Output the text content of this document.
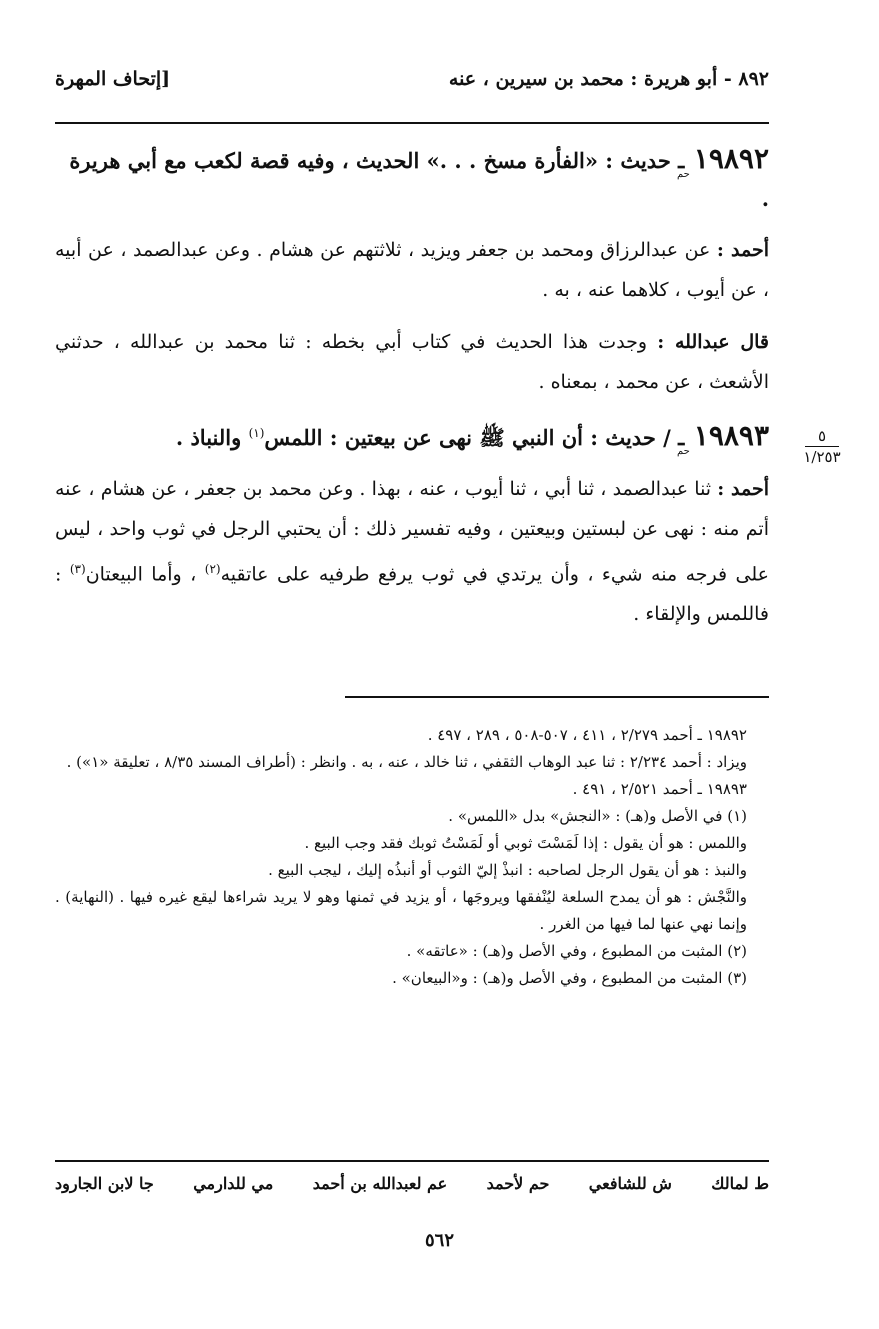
٨٩٢ - أبو هريرة : محمد بن سيرين ، عنه
[إتحاف المهرة
٥
١/٢٥٣

١٩٨٩٢حم ـ حديث : «الفأرة مسخ . . .» الحديث ، وفيه قصة لكعب مع أبي هريرة .

أحمد : عن عبدالرزاق ومحمد بن جعفر ويزيد ، ثلاثتهم عن هشام . وعن عبدالصمد ، عن أبيه ، عن أيوب ، كلاهما عنه ، به .

قال عبدالله : وجدت هذا الحديث في كتاب أبي بخطه : ثنا محمد بن عبدالله ، حدثني الأشعث ، عن محمد ، بمعناه .

١٩٨٩٣حم ـ / حديث : أن النبي ﷺ نهى عن بيعتين : اللمس$^{(١)}$ والنباذ .

أحمد : ثنا عبدالصمد ، ثنا أبي ، ثنا أيوب ، عنه ، بهذا . وعن محمد بن جعفر ، عن هشام ، عنه أتم منه : نهى عن لبستين وبيعتين ، وفيه تفسير ذلك : أن يحتبي الرجل في ثوب واحد ، ليس على فرجه منه شيء ، وأن يرتدي في ثوب يرفع طرفيه على عاتقيه$^{(٢)}$ ، وأما البيعتان$^{(٣)}$ : فاللمس والإلقاء .

١٩٨٩٢ ـ أحمد ٢/٢٧٩ ، ٤١١ ، ٥٠٧-٥٠٨ ، ٢٨٩ ، ٤٩٧ .

ويزاد : أحمد ٢/٢٣٤ : ثنا عبد الوهاب الثقفي ، ثنا خالد ، عنه ، به . وانظر : (أطراف المسند ٨/٣٥ ، تعليقة «١») .

١٩٨٩٣ ـ أحمد ٢/٥٢١ ، ٤٩١ .

(١) في الأصل و(هـ) : «النجش» بدل «اللمس» .

واللمس : هو أن يقول : إذا لَمَسْتَ ثوبي أو لَمَسْتُ ثوبك فقد وجب البيع .

والنبذ : هو أن يقول الرجل لصاحبه : انبذْ إليّ الثوب أو أنبذُه إليك ، ليجب البيع .

والنَّجْش : هو أن يمدح السلعة ليُنْفقها ويروجَها ، أو يزيد في ثمنها وهو لا يريد شراءها ليقع غيره فيها . (النهاية) . وإنما نهي عنها لما فيها من الغرر .

(٢) المثبت من المطبوع ، وفي الأصل و(هـ) : «عاتقه» .

(٣) المثبت من المطبوع ، وفي الأصل و(هـ) : و«البيعان» .

ط لمالك
ش للشافعي
حم لأحمد
عم لعبدالله بن أحمد
مي للدارمي
جا لابن الجارود
٥٦٢
